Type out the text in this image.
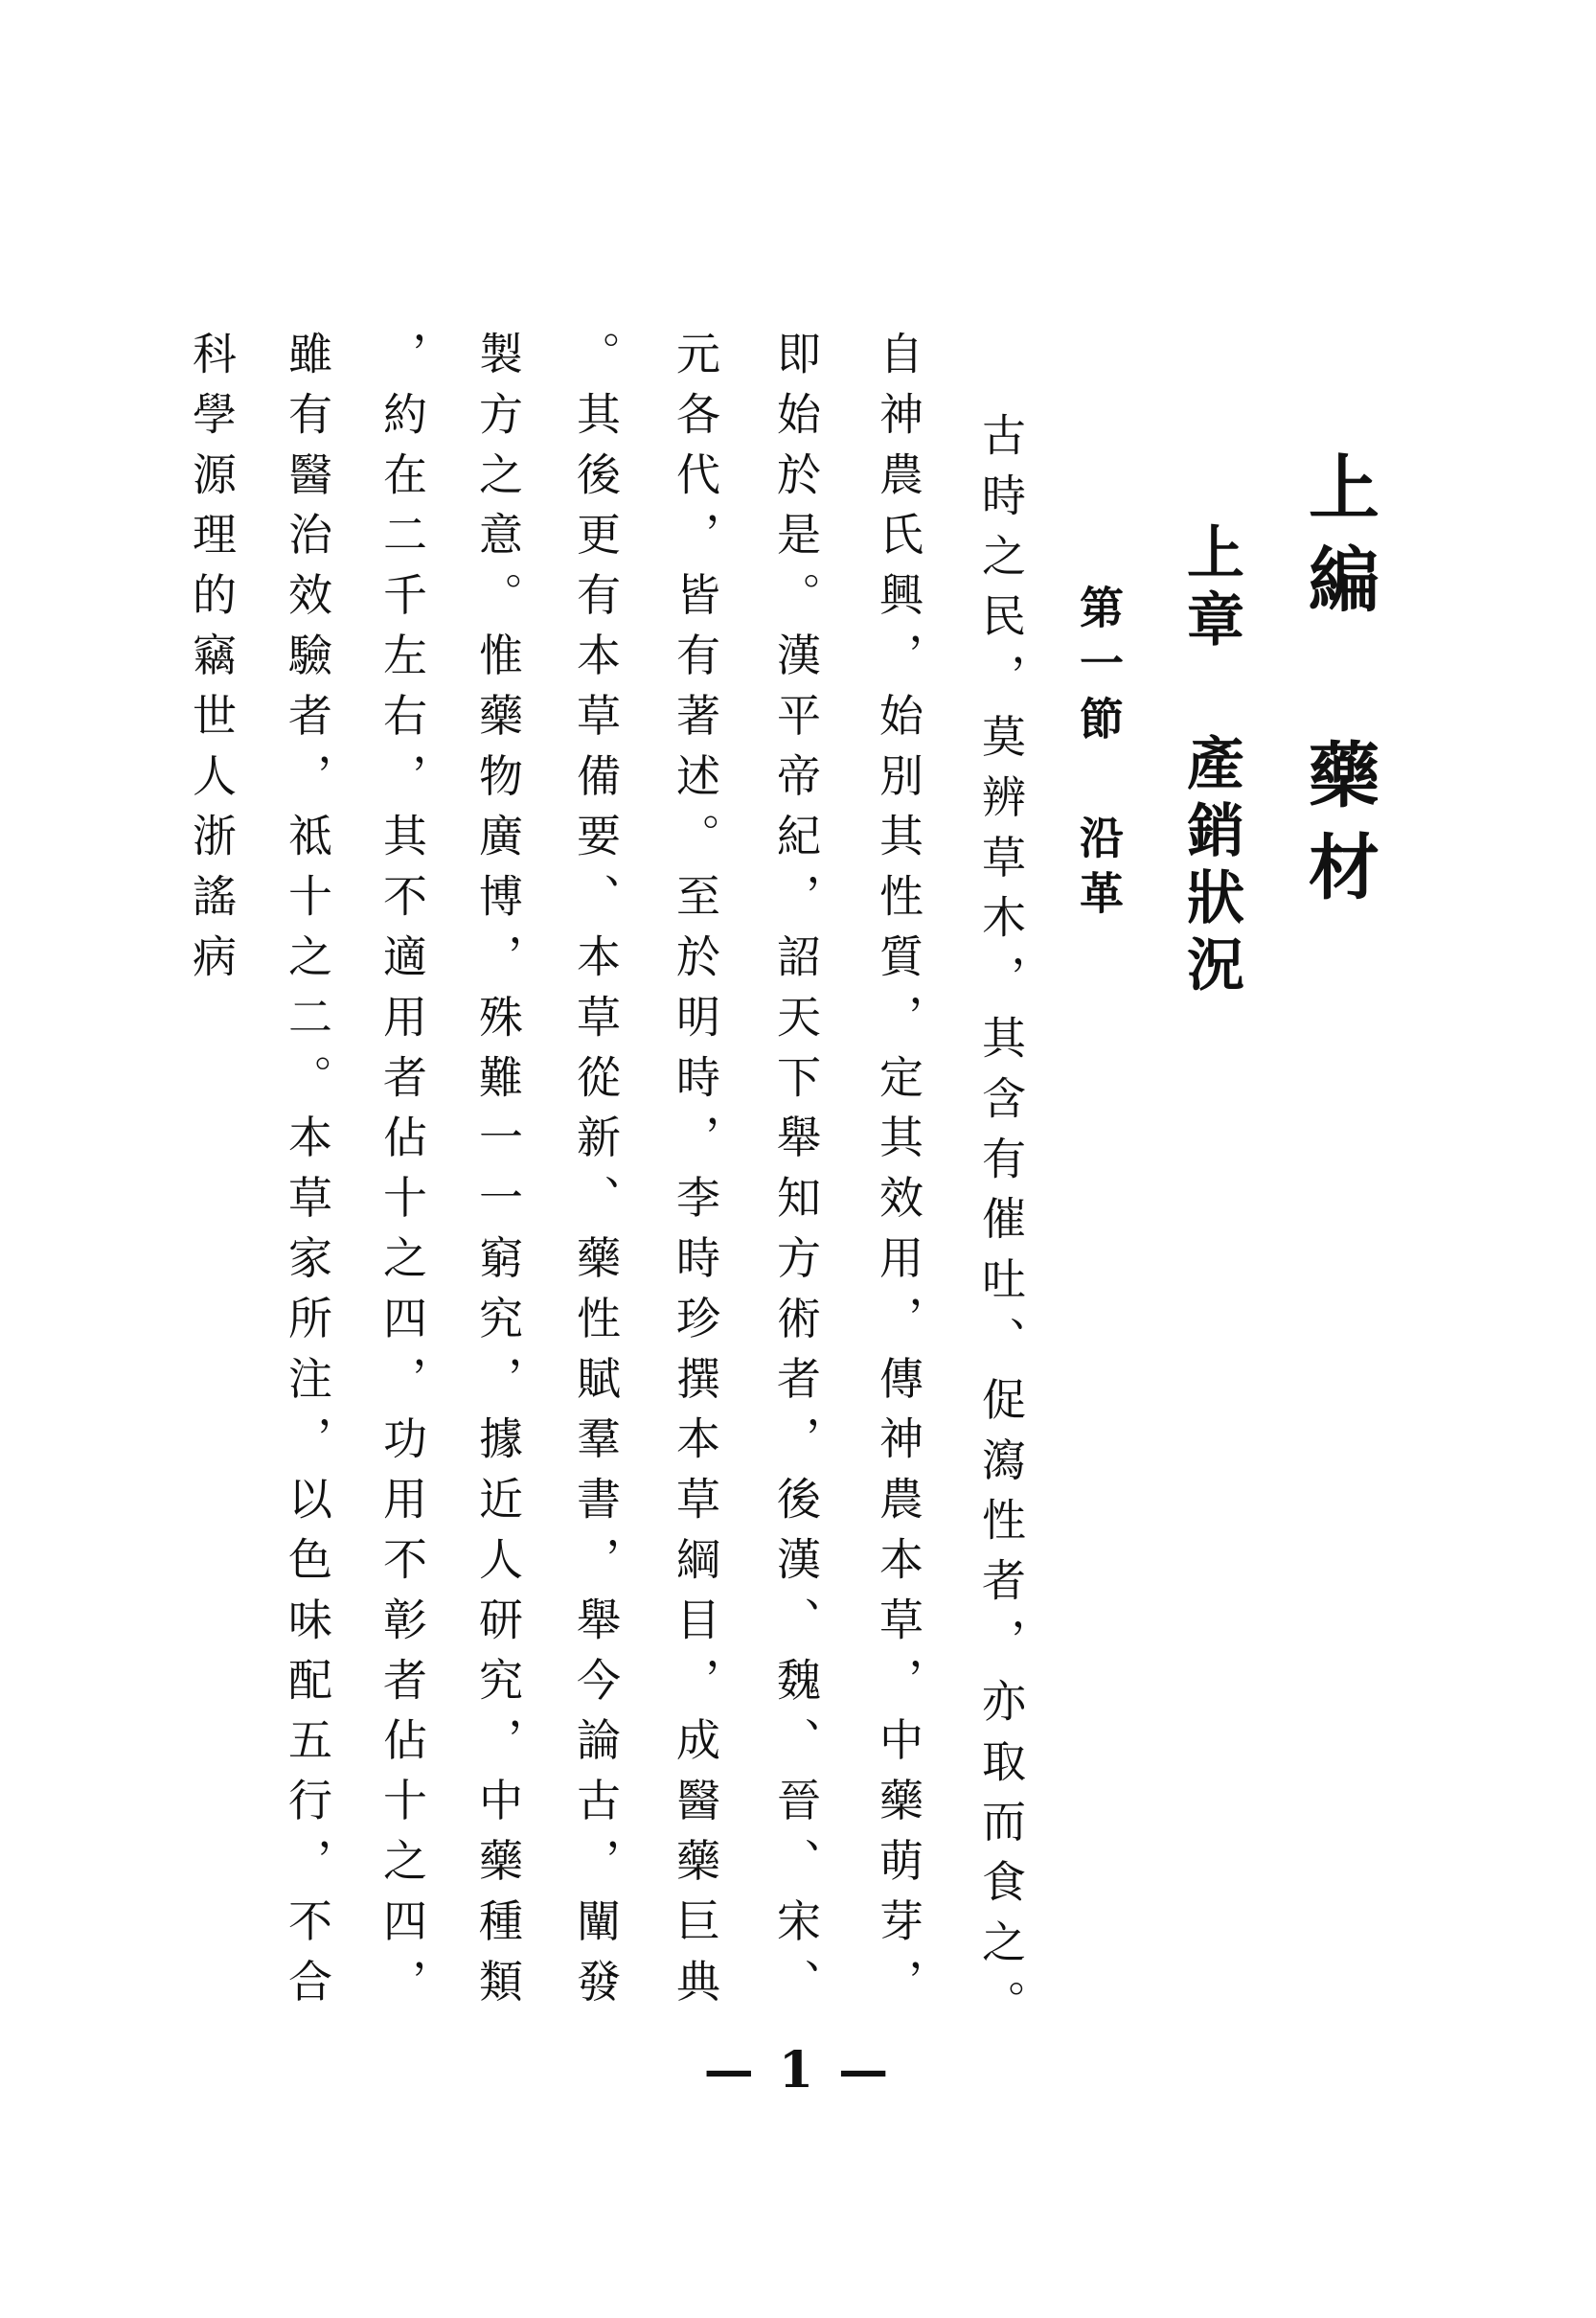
上編 藥材
上章 產銷狀況
第一節 沿革

古時之民，莫辨草木，其含有催吐、促瀉性者，亦取而食之。

自神農氏興，始別其性質，定其效用，傳神農本草，中藥萌芽，

即始於是。漢平帝紀，詔天下舉知方術者，後漢、魏、晉、宋、

元各代，皆有著述。至於明時，李時珍撰本草綱目，成醫藥巨典

。其後更有本草備要、本草從新、藥性賦羣書，舉今論古，闡發

製方之意。惟藥物廣博，殊難一一窮究，據近人研究，中藥種類

，約在二千左右，其不適用者佔十之四，功用不彰者佔十之四，

雖有醫治效驗者，祗十之二。本草家所注，以色味配五行，不合

科學源理的竊世人浙謠病

— 1 —
